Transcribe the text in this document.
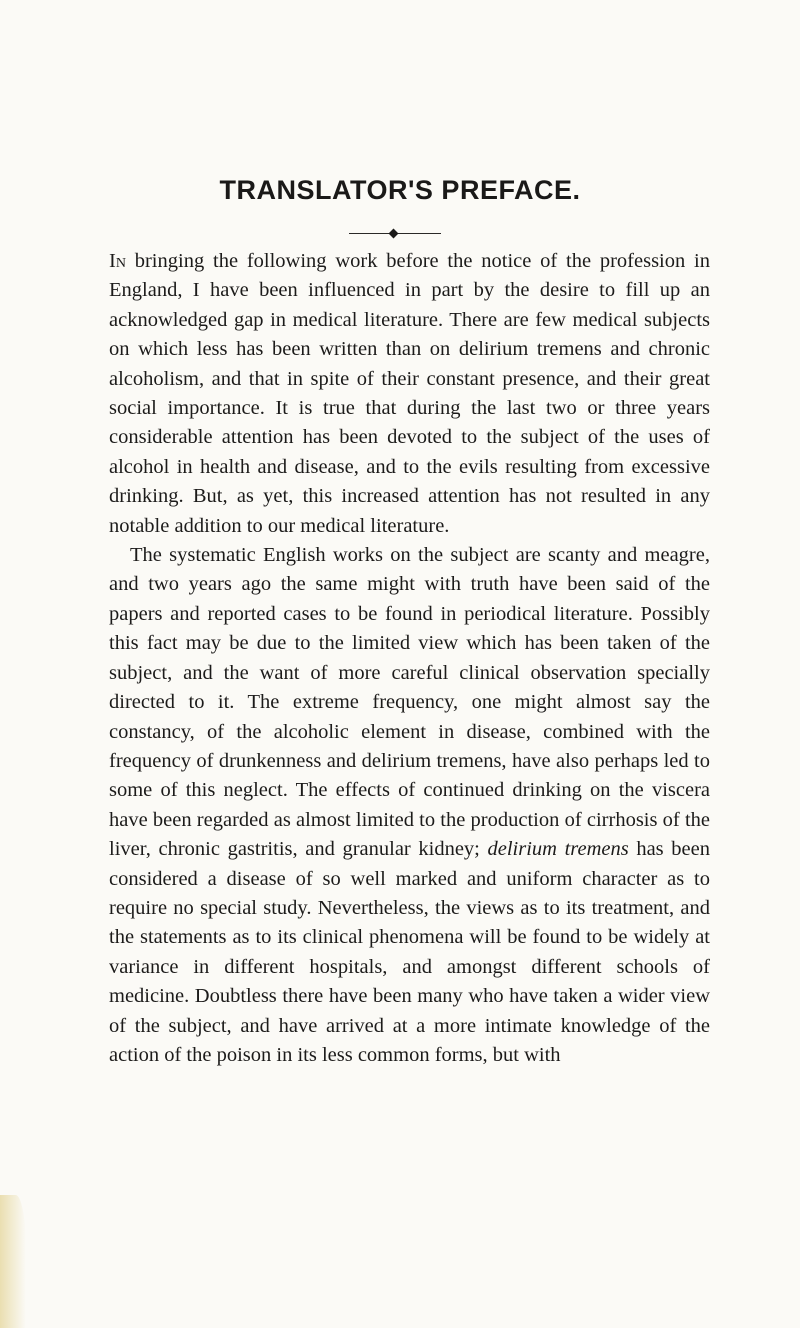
TRANSLATOR'S PREFACE.

In bringing the following work before the notice of the profession in England, I have been influenced in part by the desire to fill up an acknowledged gap in medical literature. There are few medical subjects on which less has been written than on delirium tremens and chronic alcoholism, and that in spite of their constant presence, and their great social importance. It is true that during the last two or three years considerable attention has been devoted to the subject of the uses of alcohol in health and disease, and to the evils resulting from excessive drinking. But, as yet, this increased attention has not resulted in any notable addition to our medical literature.

The systematic English works on the subject are scanty and meagre, and two years ago the same might with truth have been said of the papers and reported cases to be found in periodical literature. Possibly this fact may be due to the limited view which has been taken of the subject, and the want of more careful clinical observation specially directed to it. The extreme frequency, one might almost say the constancy, of the alcoholic element in disease, combined with the frequency of drunkenness and delirium tremens, have also perhaps led to some of this neglect. The effects of continued drinking on the viscera have been regarded as almost limited to the production of cirrhosis of the liver, chronic gastritis, and granular kidney; delirium tremens has been considered a disease of so well marked and uniform character as to require no special study. Nevertheless, the views as to its treatment, and the statements as to its clinical phenomena will be found to be widely at variance in different hospitals, and amongst different schools of medicine. Doubtless there have been many who have taken a wider view of the subject, and have arrived at a more intimate knowledge of the action of the poison in its less common forms, but with
